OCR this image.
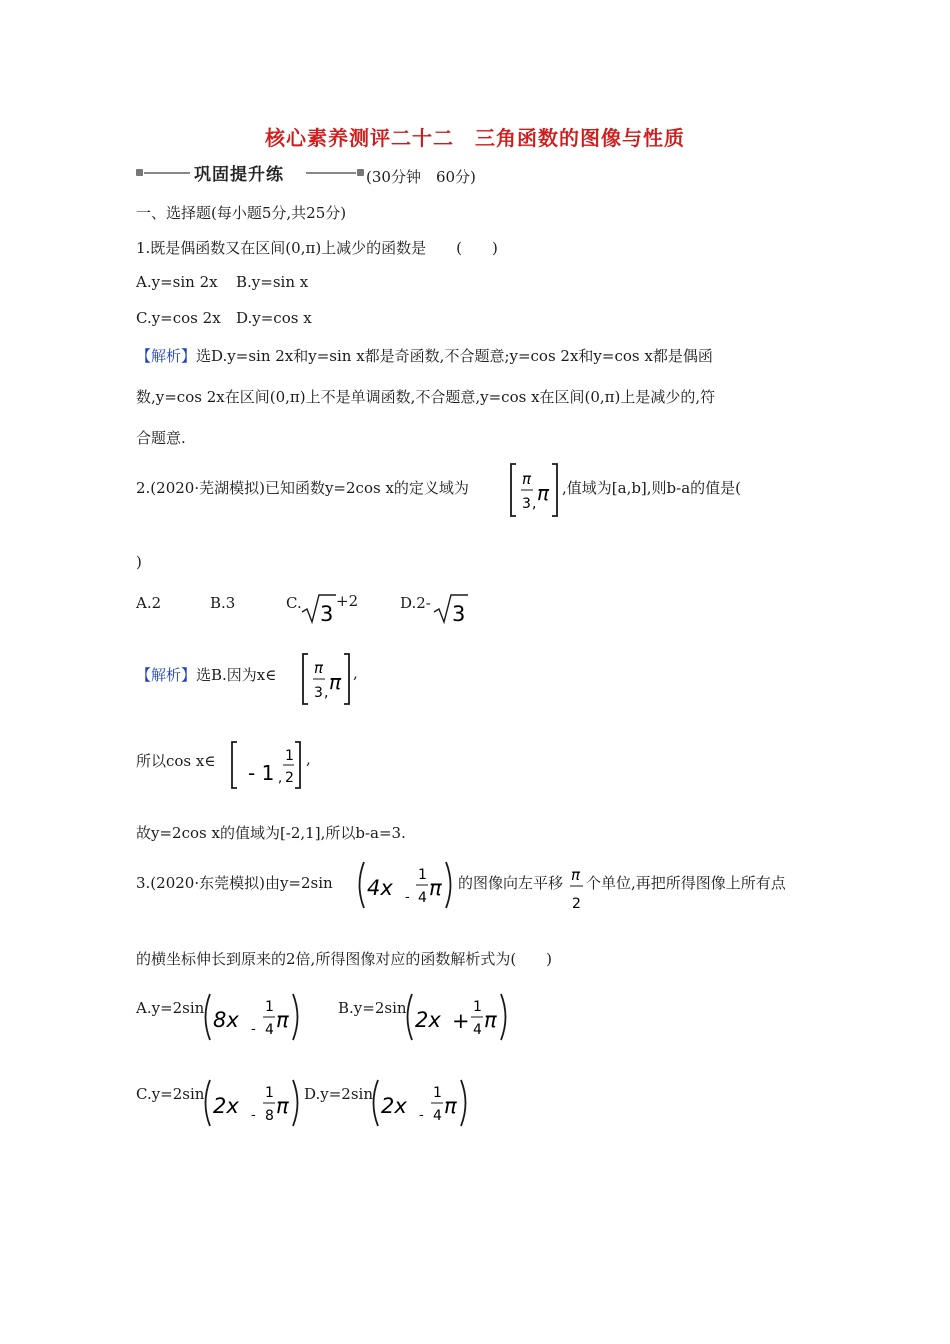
核心素养测评二十二　三角函数的图像与性质
巩固提升练	(30分钟　60分)
一、选择题(每小题5分,共25分)
1.既是偶函数又在区间(0,π)上减少的函数是　　(　　)
A.y=sin 2x B.y=sin x
C.y=cos 2x D.y=cos x
【解析】选D.y=sin 2x和y=sin x都是奇函数,不合题意;y=cos 2x和y=cos x都是偶函
数,y=cos 2x在区间(0,π)上不是单调函数,不合题意,y=cos x在区间(0,π)上是减少的,符
合题意.
2.(2020·芜湖模拟)已知函数y=2cos x的定义域为	π
3 , π ,值域为[a,b],则b-a的值是(
)
A.2	B.3	C. 3
+2	D.2- 3
【解析】选B.因为x∈	π
3 , π ,
所以cos x∈ - 1 ,
1
2
,
故y=2cos x的值域为[-2,1],所以b-a=3.
3.(2020·东莞模拟)由y=2sin 4x -
1
4 π 的图像向左平移 π
2
个单位,再把所得图像上所有点
的横坐标伸长到原来的2倍,所得图像对应的函数解析式为(　　)
A.y=2sin 8x -
1
4 π	B.y=2sin 2x +
1
4 π
C.y=2sin 2x -
1
8 π D.y=2sin 2x -
1
4 π
